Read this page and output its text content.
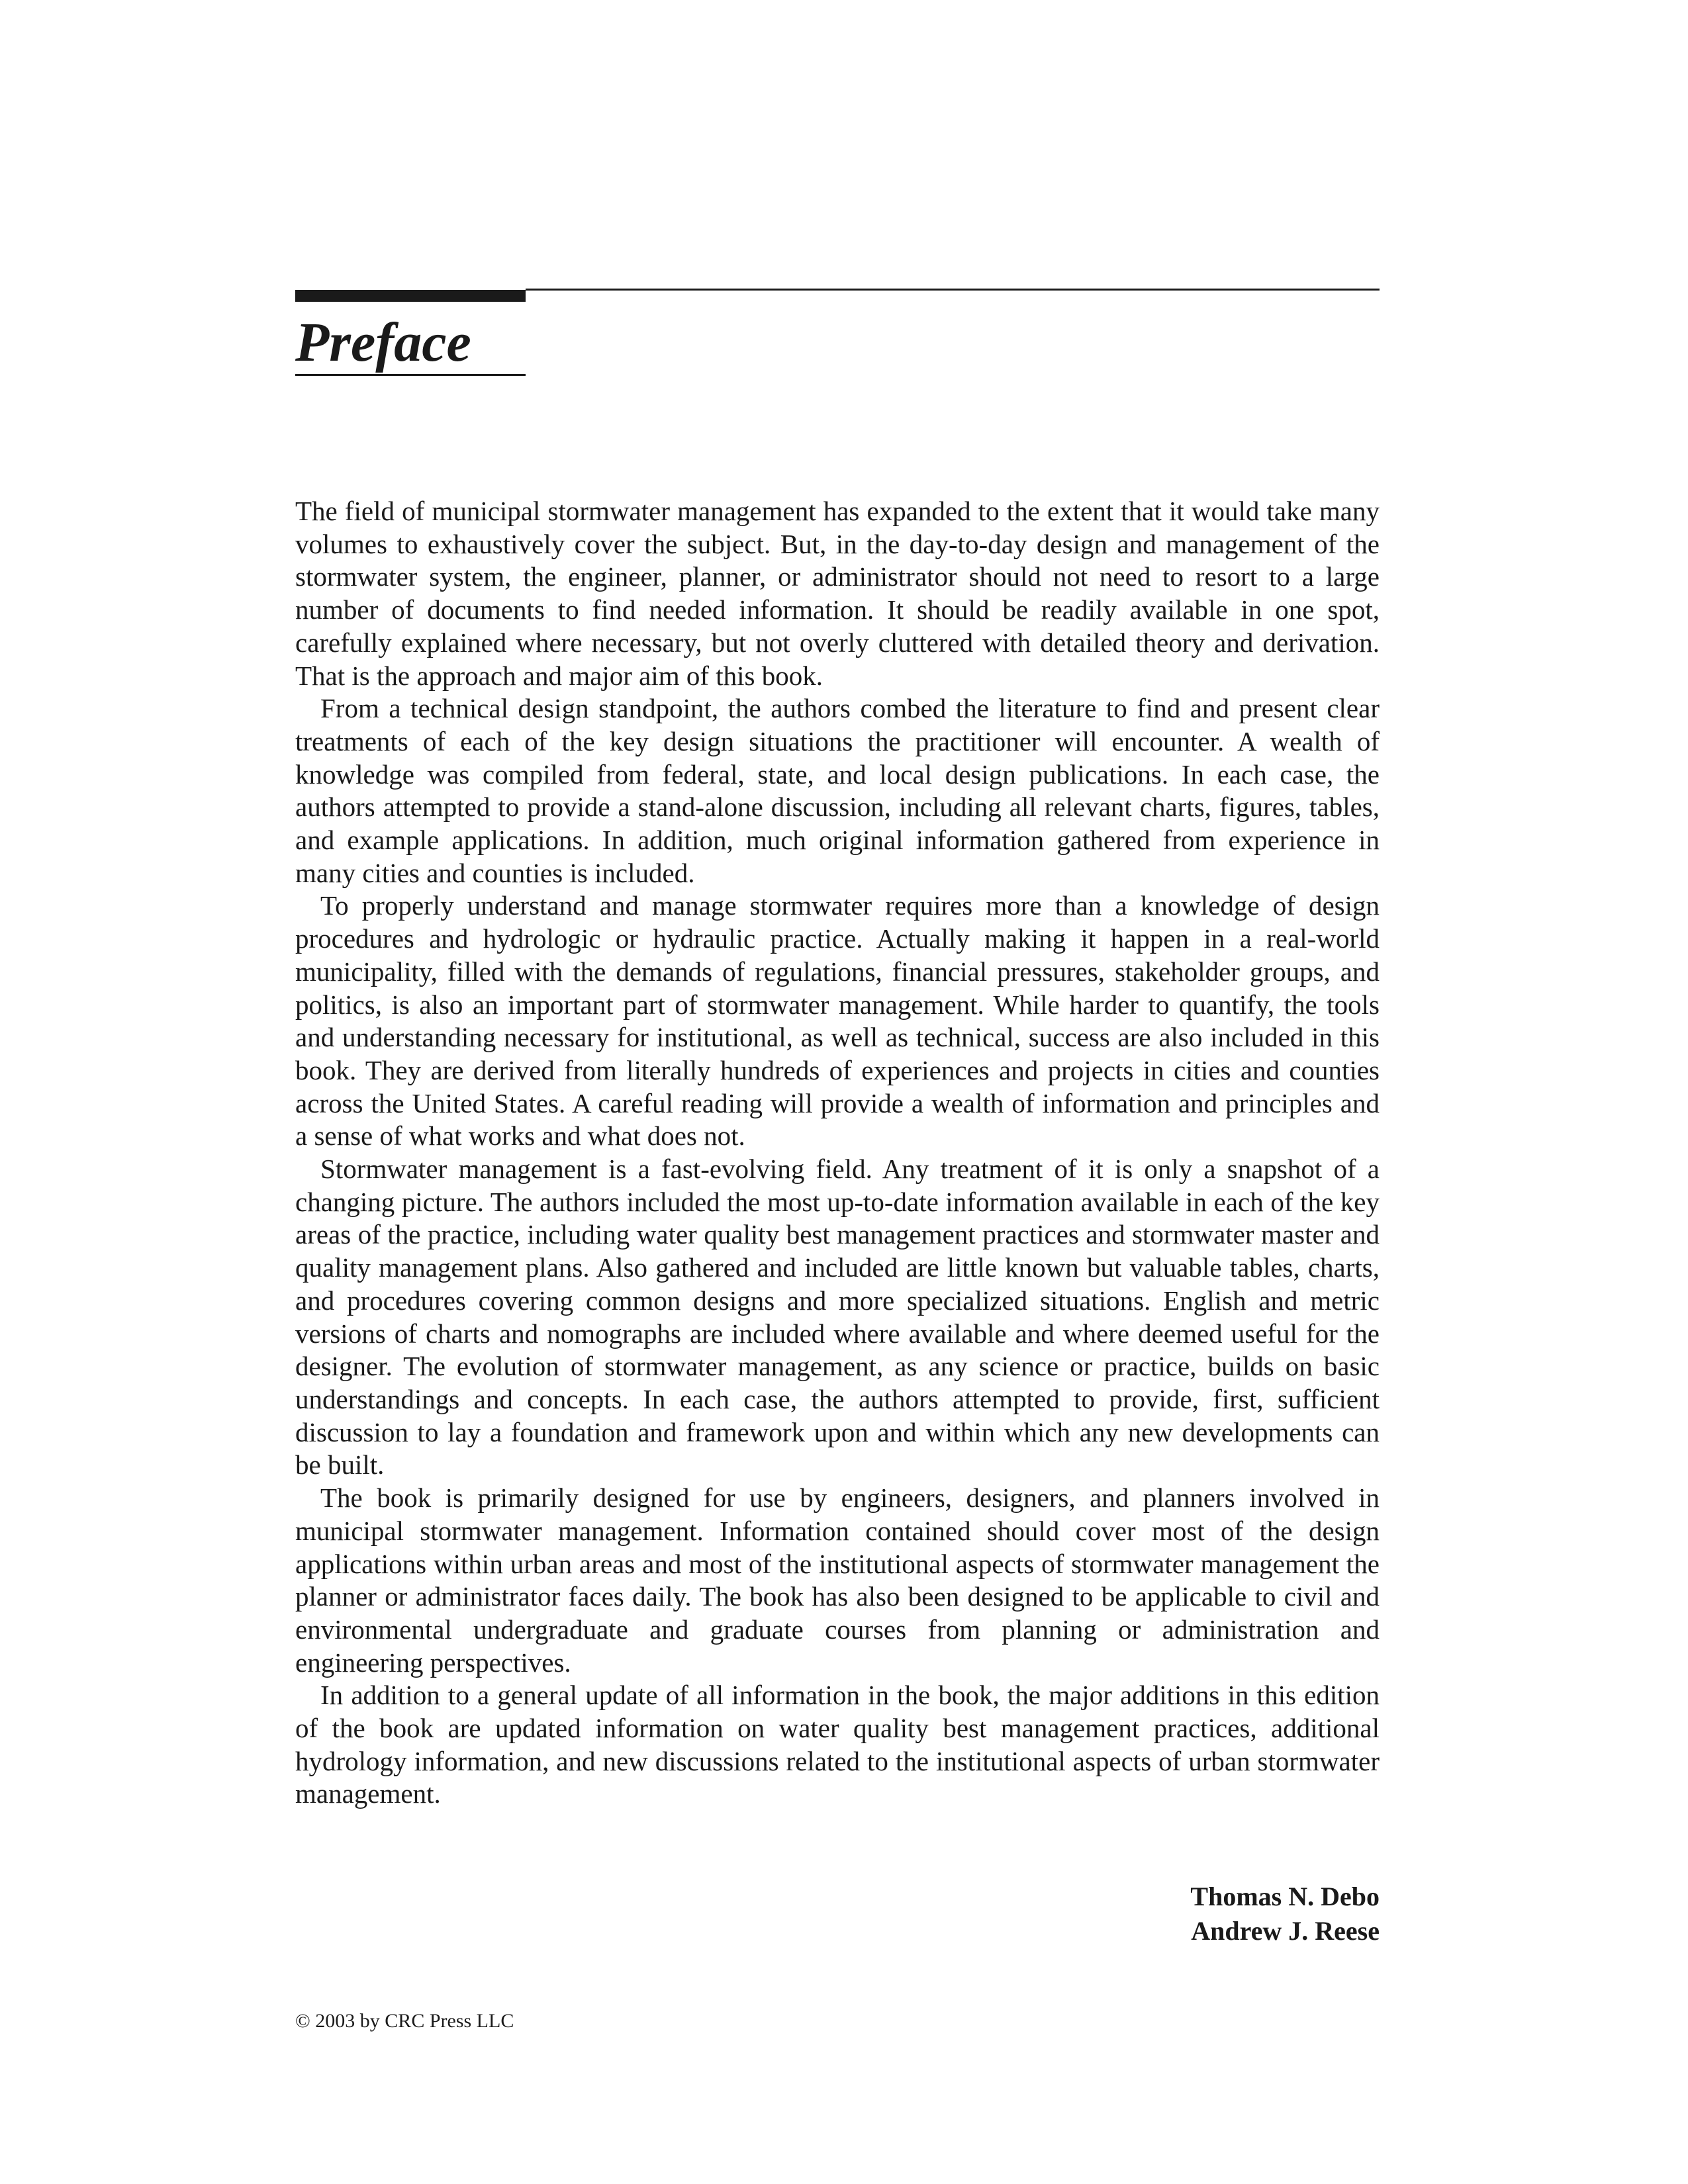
Preface

The field of municipal stormwater management has expanded to the extent that it would take many volumes to exhaustively cover the subject. But, in the day-to-day design and management of the stormwater system, the engineer, planner, or administrator should not need to resort to a large number of documents to find needed information. It should be readily available in one spot, carefully explained where necessary, but not overly cluttered with detailed theory and derivation. That is the approach and major aim of this book.

From a technical design standpoint, the authors combed the literature to find and present clear treatments of each of the key design situations the practitioner will encounter. A wealth of knowledge was compiled from federal, state, and local design publications. In each case, the authors attempted to provide a stand-alone discussion, including all relevant charts, figures, tables, and example applications. In addition, much original information gathered from experience in many cities and counties is included.

To properly understand and manage stormwater requires more than a knowledge of design procedures and hydrologic or hydraulic practice. Actually making it happen in a real-world municipality, filled with the demands of regulations, financial pressures, stakeholder groups, and politics, is also an important part of stormwater management. While harder to quantify, the tools and understanding necessary for institutional, as well as technical, success are also included in this book. They are derived from literally hundreds of experiences and projects in cities and counties across the United States. A careful reading will provide a wealth of information and principles and a sense of what works and what does not.

Stormwater management is a fast-evolving field. Any treatment of it is only a snapshot of a changing picture. The authors included the most up-to-date information available in each of the key areas of the practice, including water quality best management practices and stormwater master and quality management plans. Also gathered and included are little known but valuable tables, charts, and procedures covering common designs and more specialized situations. English and metric versions of charts and nomographs are included where available and where deemed useful for the designer. The evolution of stormwater management, as any science or practice, builds on basic understandings and concepts. In each case, the authors attempted to provide, first, sufficient discussion to lay a foundation and framework upon and within which any new developments can be built.

The book is primarily designed for use by engineers, designers, and planners involved in municipal stormwater management. Information contained should cover most of the design applications within urban areas and most of the institutional aspects of stormwater management the planner or administrator faces daily. The book has also been designed to be applicable to civil and environmental undergraduate and graduate courses from planning or administration and engineering perspectives.

In addition to a general update of all information in the book, the major additions in this edition of the book are updated information on water quality best management practices, additional hydrology information, and new discussions related to the institutional aspects of urban stormwater management.

Thomas N. Debo
Andrew J. Reese
© 2003 by CRC Press LLC
